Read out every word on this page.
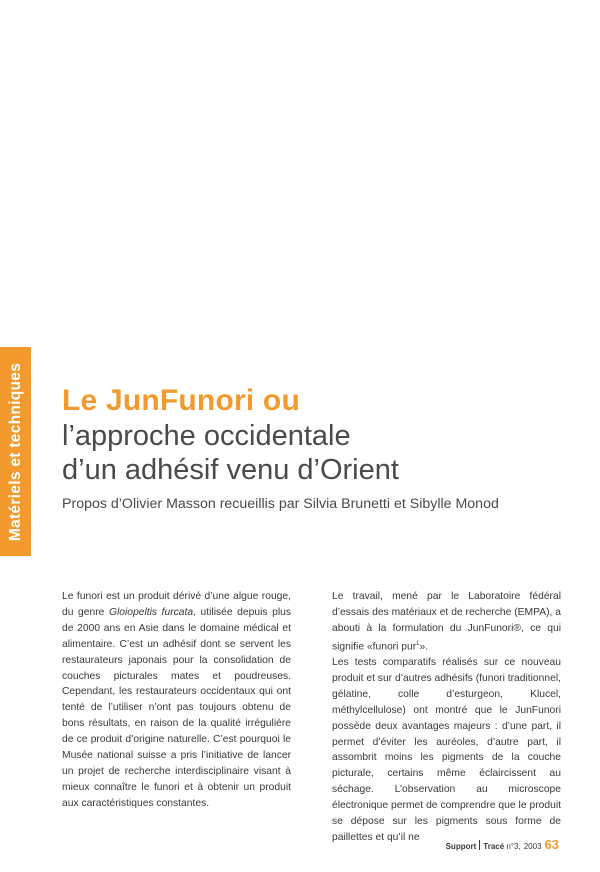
Matériels et techniques Le JunFunori ou
l’approche occidentale
d’un adhésif venu d’Orient

Propos d’Olivier Masson recueillis par Silvia Brunetti et Sibylle Monod

Le funori est un produit dérivé d’une algue rouge, du genre Gloiopeltis furcata, utilisée depuis plus de 2000 ans en Asie dans le domaine médical et alimentaire. C’est un adhésif dont se servent les restaurateurs japonais pour la consolidation de couches picturales mates et poudreuses. Cependant, les restaurateurs occidentaux qui ont tenté de l’utiliser n’ont pas toujours obtenu de bons résultats, en raison de la qualité irrégulière de ce produit d’origine naturelle. C’est pourquoi le Musée national suisse a pris l’initiative de lancer un projet de recherche interdisciplinaire visant à mieux connaître le funori et à obtenir un produit aux caractéristiques constantes.

Le travail, mené par le Laboratoire fédéral d’essais des matériaux et de recherche (EMPA), a abouti à la formulation du JunFunori®, ce qui signifie «funori pur$^1$».

Les tests comparatifs réalisés sur ce nouveau produit et sur d’autres adhésifs (funori traditionnel, gélatine, colle d’esturgeon, Klucel, méthylcellulose) ont montré que le JunFunori possède deux avantages majeurs : d’une part, il permet d’éviter les auréoles, d’autre part, il assombrit moins les pigments de la couche picturale, certains même éclaircissent au séchage. L’observation au microscope électronique permet de comprendre que le produit se dépose sur les pigments sous forme de paillettes et qu’il ne

Support Tracé
n°3, 2003 63
